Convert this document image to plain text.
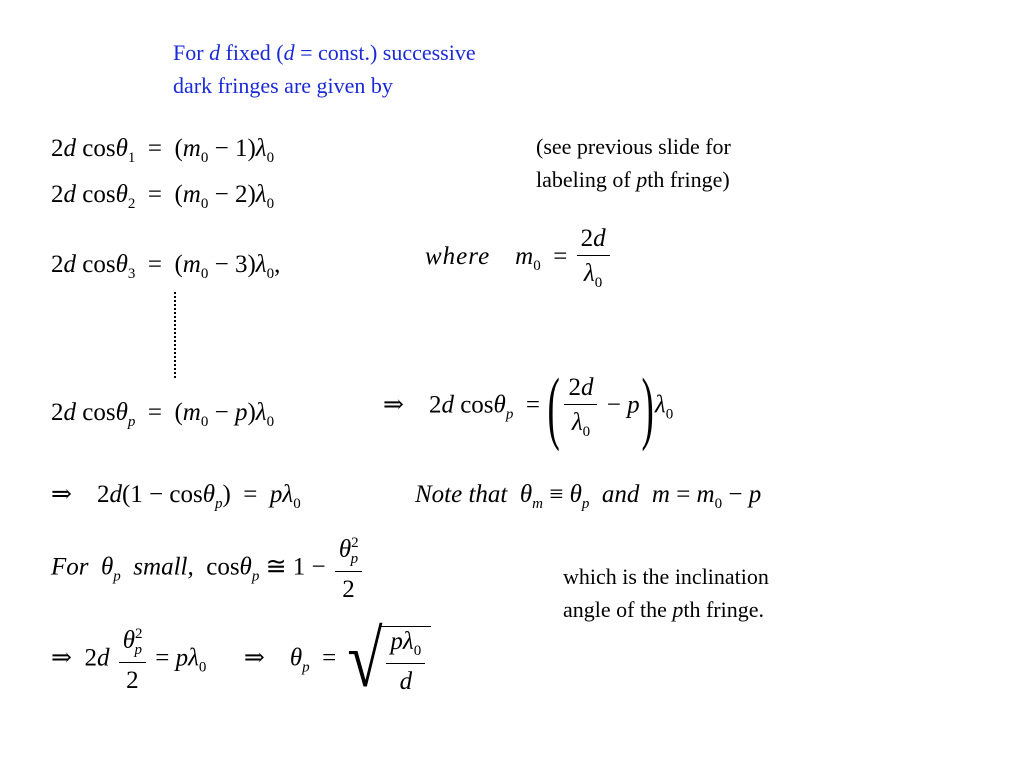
For d fixed (d = const.) successive
dark fringes are given by
2d $\cos\theta_1 = (m_0 - 1)\lambda_0$
2d $\cos\theta_2 = (m_0 - 2)\lambda_0$
(see previous slide for
labeling of pth fringe)
2d $\cos\theta_3 = (m_0 - 3)\lambda_0$,	where $m_0 = \frac{2d}{\lambda_0}$
2d $\cos\theta_p = (m_0 - p)\lambda_0$
⇒    2d cosθ$_p$  = ( $\frac{2d}{\lambda_0} - p)\lambda_0$
⇒    $2d(1 - \cos\theta_p) = p\lambda_0$	Note that $\theta_m \equiv \theta_p$ and $m = m_0 - p$
For $\theta_p$ small,  cosθ$_p$ ≅ $1 - \frac{\theta^2_p}{2}$	which is the inclination
angle of the pth fringe.
⇒  $2d \frac{\theta^2_p}{2} = p\lambda_0$      ⇒    $\theta_p$  = √ $\frac{p\lambda_0}{d}$
